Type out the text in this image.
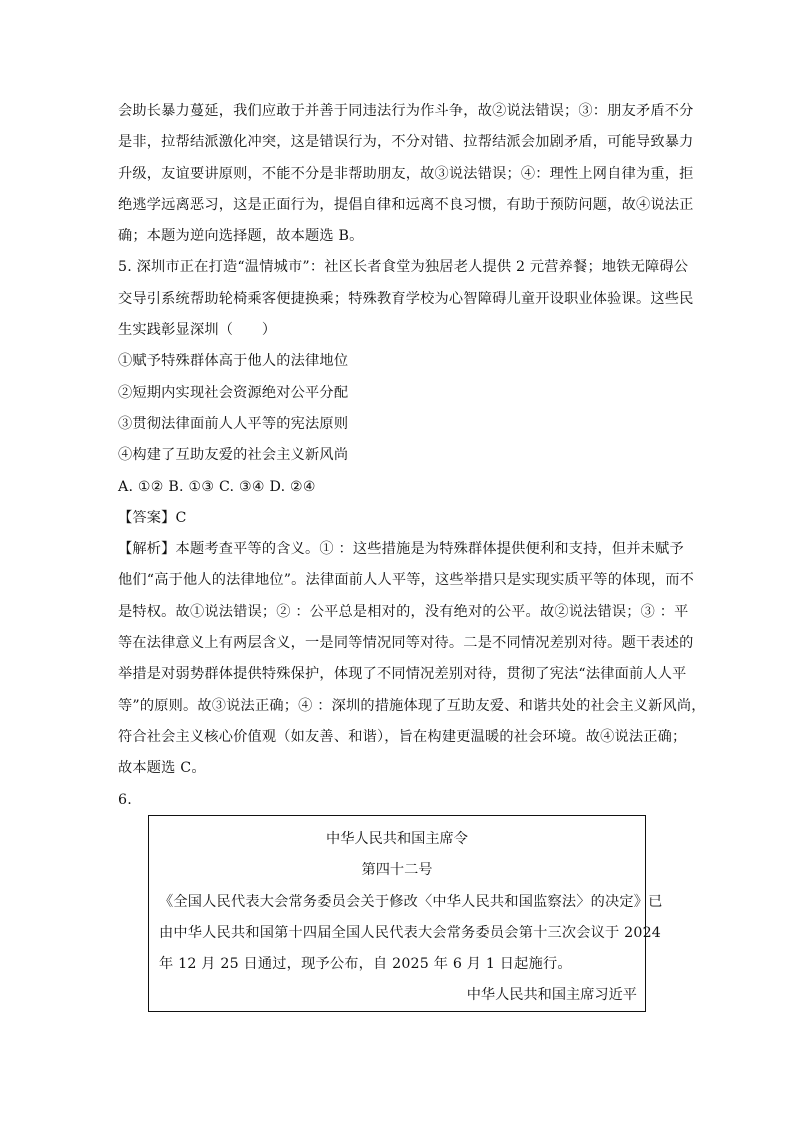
会助长暴力蔓延，我们应敢于并善于同违法行为作斗争，故②说法错误；③：朋友矛盾不分
是非，拉帮结派激化冲突，这是错误行为，不分对错、拉帮结派会加剧矛盾，可能导致暴力
升级，友谊要讲原则，不能不分是非帮助朋友，故③说法错误；④：理性上网自律为重，拒
绝逃学远离恶习，这是正面行为，提倡自律和远离不良习惯，有助于预防问题，故④说法正
确；本题为逆向选择题，故本题选 B。
5. 深圳市正在打造“温情城市”：社区长者食堂为独居老人提供 2 元营养餐；地铁无障碍公
交导引系统帮助轮椅乘客便捷换乘；特殊教育学校为心智障碍儿童开设职业体验课。这些民
生实践彰显深圳（　　）
①赋予特殊群体高于他人的法律地位
②短期内实现社会资源绝对公平分配
③贯彻法律面前人人平等的宪法原则
④构建了互助友爱的社会主义新风尚
A. ①② B. ①③ C. ③④ D. ②④
【答案】C
【解析】本题考查平等的含义。① ：这些措施是为特殊群体提供便利和支持，但并未赋予
他们“高于他人的法律地位”。法律面前人人平等，这些举措只是实现实质平等的体现，而不
是特权。故①说法错误；② ：公平总是相对的，没有绝对的公平。故②说法错误；③ ：平
等在法律意义上有两层含义，一是同等情况同等对待。二是不同情况差别对待。题干表述的
举措是对弱势群体提供特殊保护，体现了不同情况差别对待，贯彻了宪法“法律面前人人平
等”的原则。故③说法正确；④ ：深圳的措施体现了互助友爱、和谐共处的社会主义新风尚，
符合社会主义核心价值观（如友善、和谐），旨在构建更温暖的社会环境。故④说法正确；
故本题选 C。
6.
中华人民共和国主席令
第四十二号
《全国人民代表大会常务委员会关于修改〈中华人民共和国监察法〉的决定》已
由中华人民共和国第十四届全国人民代表大会常务委员会第十三次会议于 2024
年 12 月 25 日通过，现予公布，自 2025 年 6 月 1 日起施行。
中华人民共和国主席习近平
